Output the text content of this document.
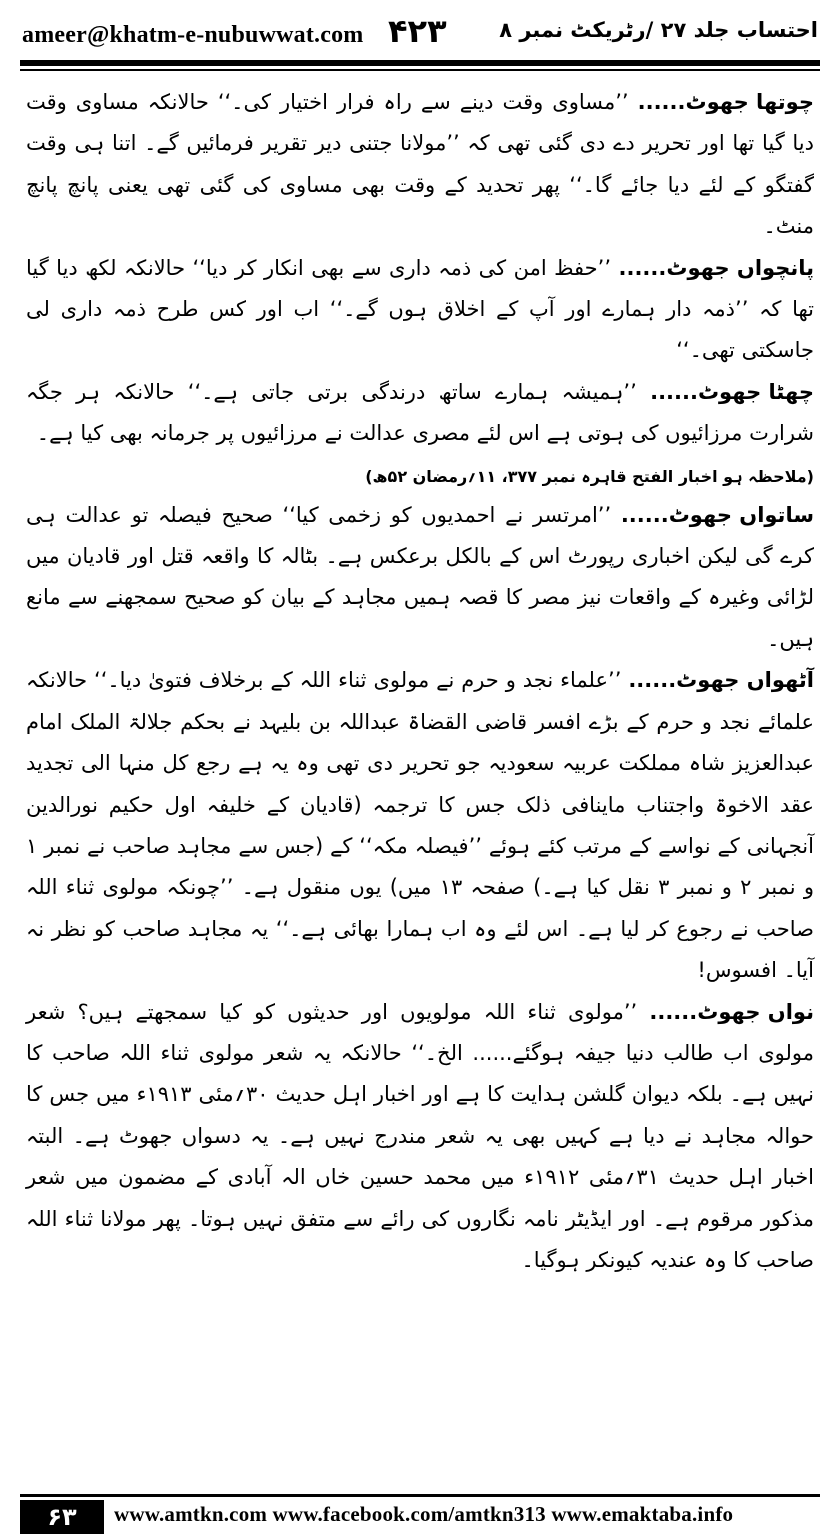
ameer@khatm-e-nubuwwat.com ۴۲۳	احتساب جلد ۲۷ /رٹریکٹ نمبر ۸

چوتھا جھوٹ...... ’’مساوی وقت دینے سے راہ فرار اختیار کی۔‘‘ حالانکہ مساوی وقت دیا گیا تھا اور تحریر دے دی گئی تھی کہ ’’مولانا جتنی دیر تقریر فرمائیں گے۔ اتنا ہی وقت گفتگو کے لئے دیا جائے گا۔‘‘ پھر تحدید کے وقت بھی مساوی کی گئی تھی یعنی پانچ پانچ منٹ۔

پانچواں جھوٹ...... ’’حفظ امن کی ذمہ داری سے بھی انکار کر دیا‘‘ حالانکہ لکھ دیا گیا تھا کہ ’’ذمہ دار ہمارے اور آپ کے اخلاق ہوں گے۔‘‘ اب اور کس طرح ذمہ داری لی جاسکتی تھی۔‘‘

چھٹا جھوٹ...... ’’ہمیشہ ہمارے ساتھ درندگی برتی جاتی ہے۔‘‘ حالانکہ ہر جگہ شرارت مرزائیوں کی ہوتی ہے اس لئے مصری عدالت نے مرزائیوں پر جرمانہ بھی کیا ہے۔

(ملاحظہ ہو اخبار الفتح قاہرہ نمبر ۳۷۷، ۱۱؍رمضان ۵۲ھ)

ساتواں جھوٹ...... ’’امرتسر نے احمدیوں کو زخمی کیا‘‘ صحیح فیصلہ تو عدالت ہی کرے گی لیکن اخباری رپورٹ اس کے بالکل برعکس ہے۔ بٹالہ کا واقعہ قتل اور قادیان میں لڑائی وغیرہ کے واقعات نیز مصر کا قصہ ہمیں مجاہد کے بیان کو صحیح سمجھنے سے مانع ہیں۔

آٹھواں جھوٹ...... ’’علماء نجد و حرم نے مولوی ثناء اللہ کے برخلاف فتویٰ دیا۔‘‘ حالانکہ علمائے نجد و حرم کے بڑے افسر قاضی القضاۃ عبداللہ بن بلیہد نے بحکم جلالۃ الملک امام عبدالعزیز شاہ مملکت عربیہ سعودیہ جو تحریر دی تھی وہ یہ ہے رجع کل منہا الی تجدید عقد الاخوۃ واجتناب ماینافی ذلک جس کا ترجمہ (قادیان کے خلیفہ اول حکیم نورالدین آنجہانی کے نواسے کے مرتب کئے ہوئے ’’فیصلہ مکہ‘‘ کے (جس سے مجاہد صاحب نے نمبر ۱ و نمبر ۲ و نمبر ۳ نقل کیا ہے۔) صفحہ ۱۳ میں) یوں منقول ہے۔ ’’چونکہ مولوی ثناء اللہ صاحب نے رجوع کر لیا ہے۔ اس لئے وہ اب ہمارا بھائی ہے۔‘‘ یہ مجاہد صاحب کو نظر نہ آیا۔ افسوس!

نواں جھوٹ...... ’’مولوی ثناء اللہ مولویوں اور حدیثوں کو کیا سمجھتے ہیں؟ شعر مولوی اب طالب دنیا جیفہ ہوگئے...... الخ۔‘‘ حالانکہ یہ شعر مولوی ثناء اللہ صاحب کا نہیں ہے۔ بلکہ دیوان گلشن ہدایت کا ہے اور اخبار اہل حدیث ۳۰؍مئی ۱۹۱۳ء میں جس کا حوالہ مجاہد نے دیا ہے کہیں بھی یہ شعر مندرج نہیں ہے۔ یہ دسواں جھوٹ ہے۔ البتہ اخبار اہل حدیث ۳۱؍مئی ۱۹۱۲ء میں محمد حسین خاں الہ آبادی کے مضمون میں شعر مذکور مرقوم ہے۔ اور ایڈیٹر نامہ نگاروں کی رائے سے متفق نہیں ہوتا۔ پھر مولانا ثناء اللہ صاحب کا وہ عندیہ کیونکر ہوگیا۔

۶۳	www.amtkn.com www.facebook.com/amtkn313 www.emaktaba.info
